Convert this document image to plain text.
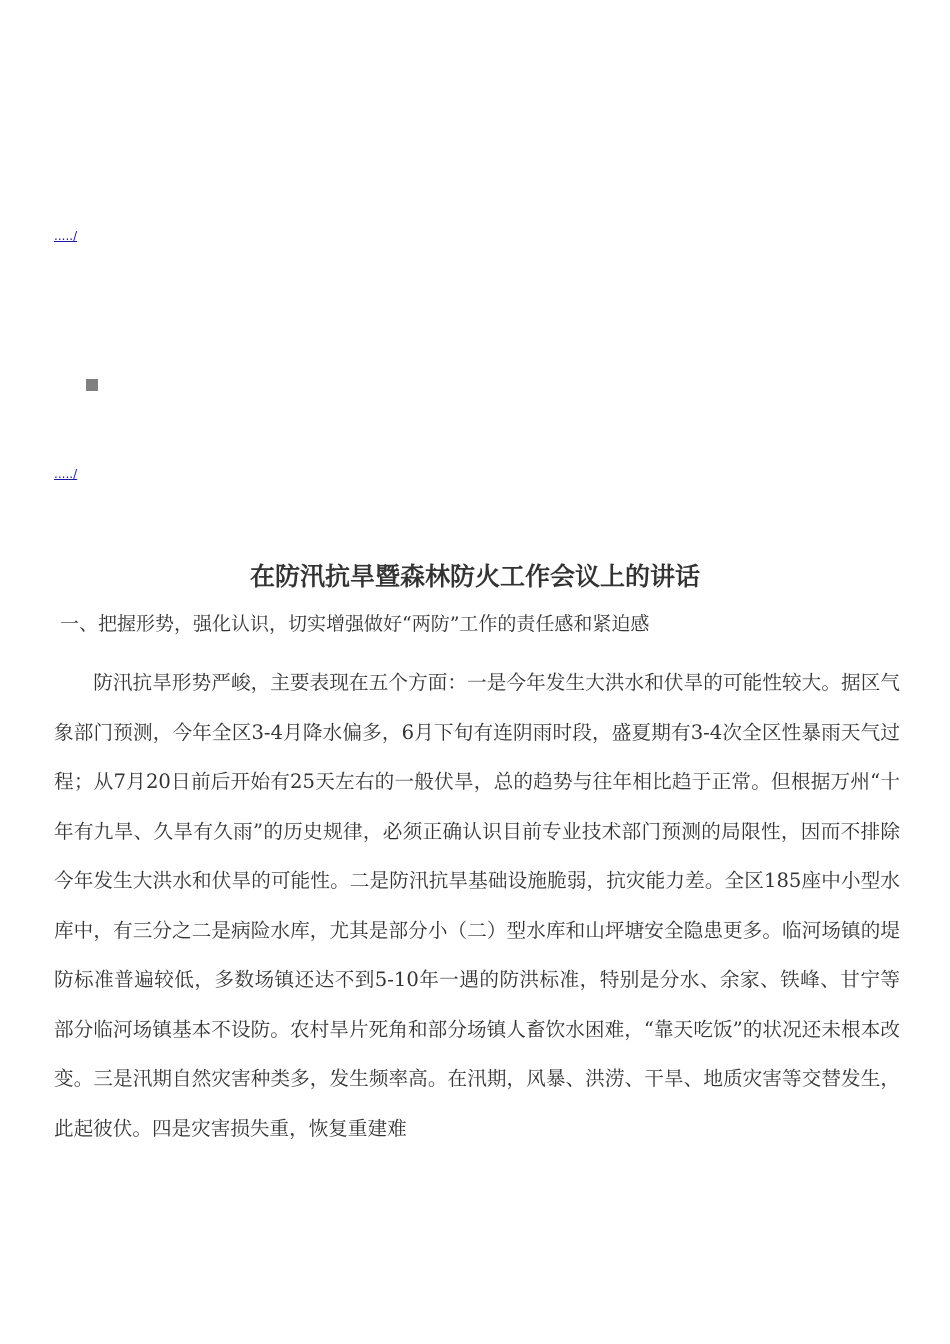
...../
...../
在防汛抗旱暨森林防火工作会议上的讲话
一、把握形势，强化认识，切实增强做好“两防”工作的责任感和紧迫感

防汛抗旱形势严峻，主要表现在五个方面：一是今年发生大洪水和伏旱的可能性较大。据区气象部门预测，今年全区3-4月降水偏多，6月下旬有连阴雨时段，盛夏期有3-4次全区性暴雨天气过程；从7月20日前后开始有25天左右的一般伏旱，总的趋势与往年相比趋于正常。但根据万州“十年有九旱、久旱有久雨”的历史规律，必须正确认识目前专业技术部门预测的局限性，因而不排除今年发生大洪水和伏旱的可能性。二是防汛抗旱基础设施脆弱，抗灾能力差。全区185座中小型水库中，有三分之二是病险水库，尤其是部分小（二）型水库和山坪塘安全隐患更多。临河场镇的堤防标准普遍较低，多数场镇还达不到5-10年一遇的防洪标准，特别是分水、余家、铁峰、甘宁等部分临河场镇基本不设防。农村旱片死角和部分场镇人畜饮水困难，“靠天吃饭”的状况还未根本改变。三是汛期自然灾害种类多，发生频率高。在汛期，风暴、洪涝、干旱、地质灾害等交替发生，此起彼伏。四是灾害损失重，恢复重建难
